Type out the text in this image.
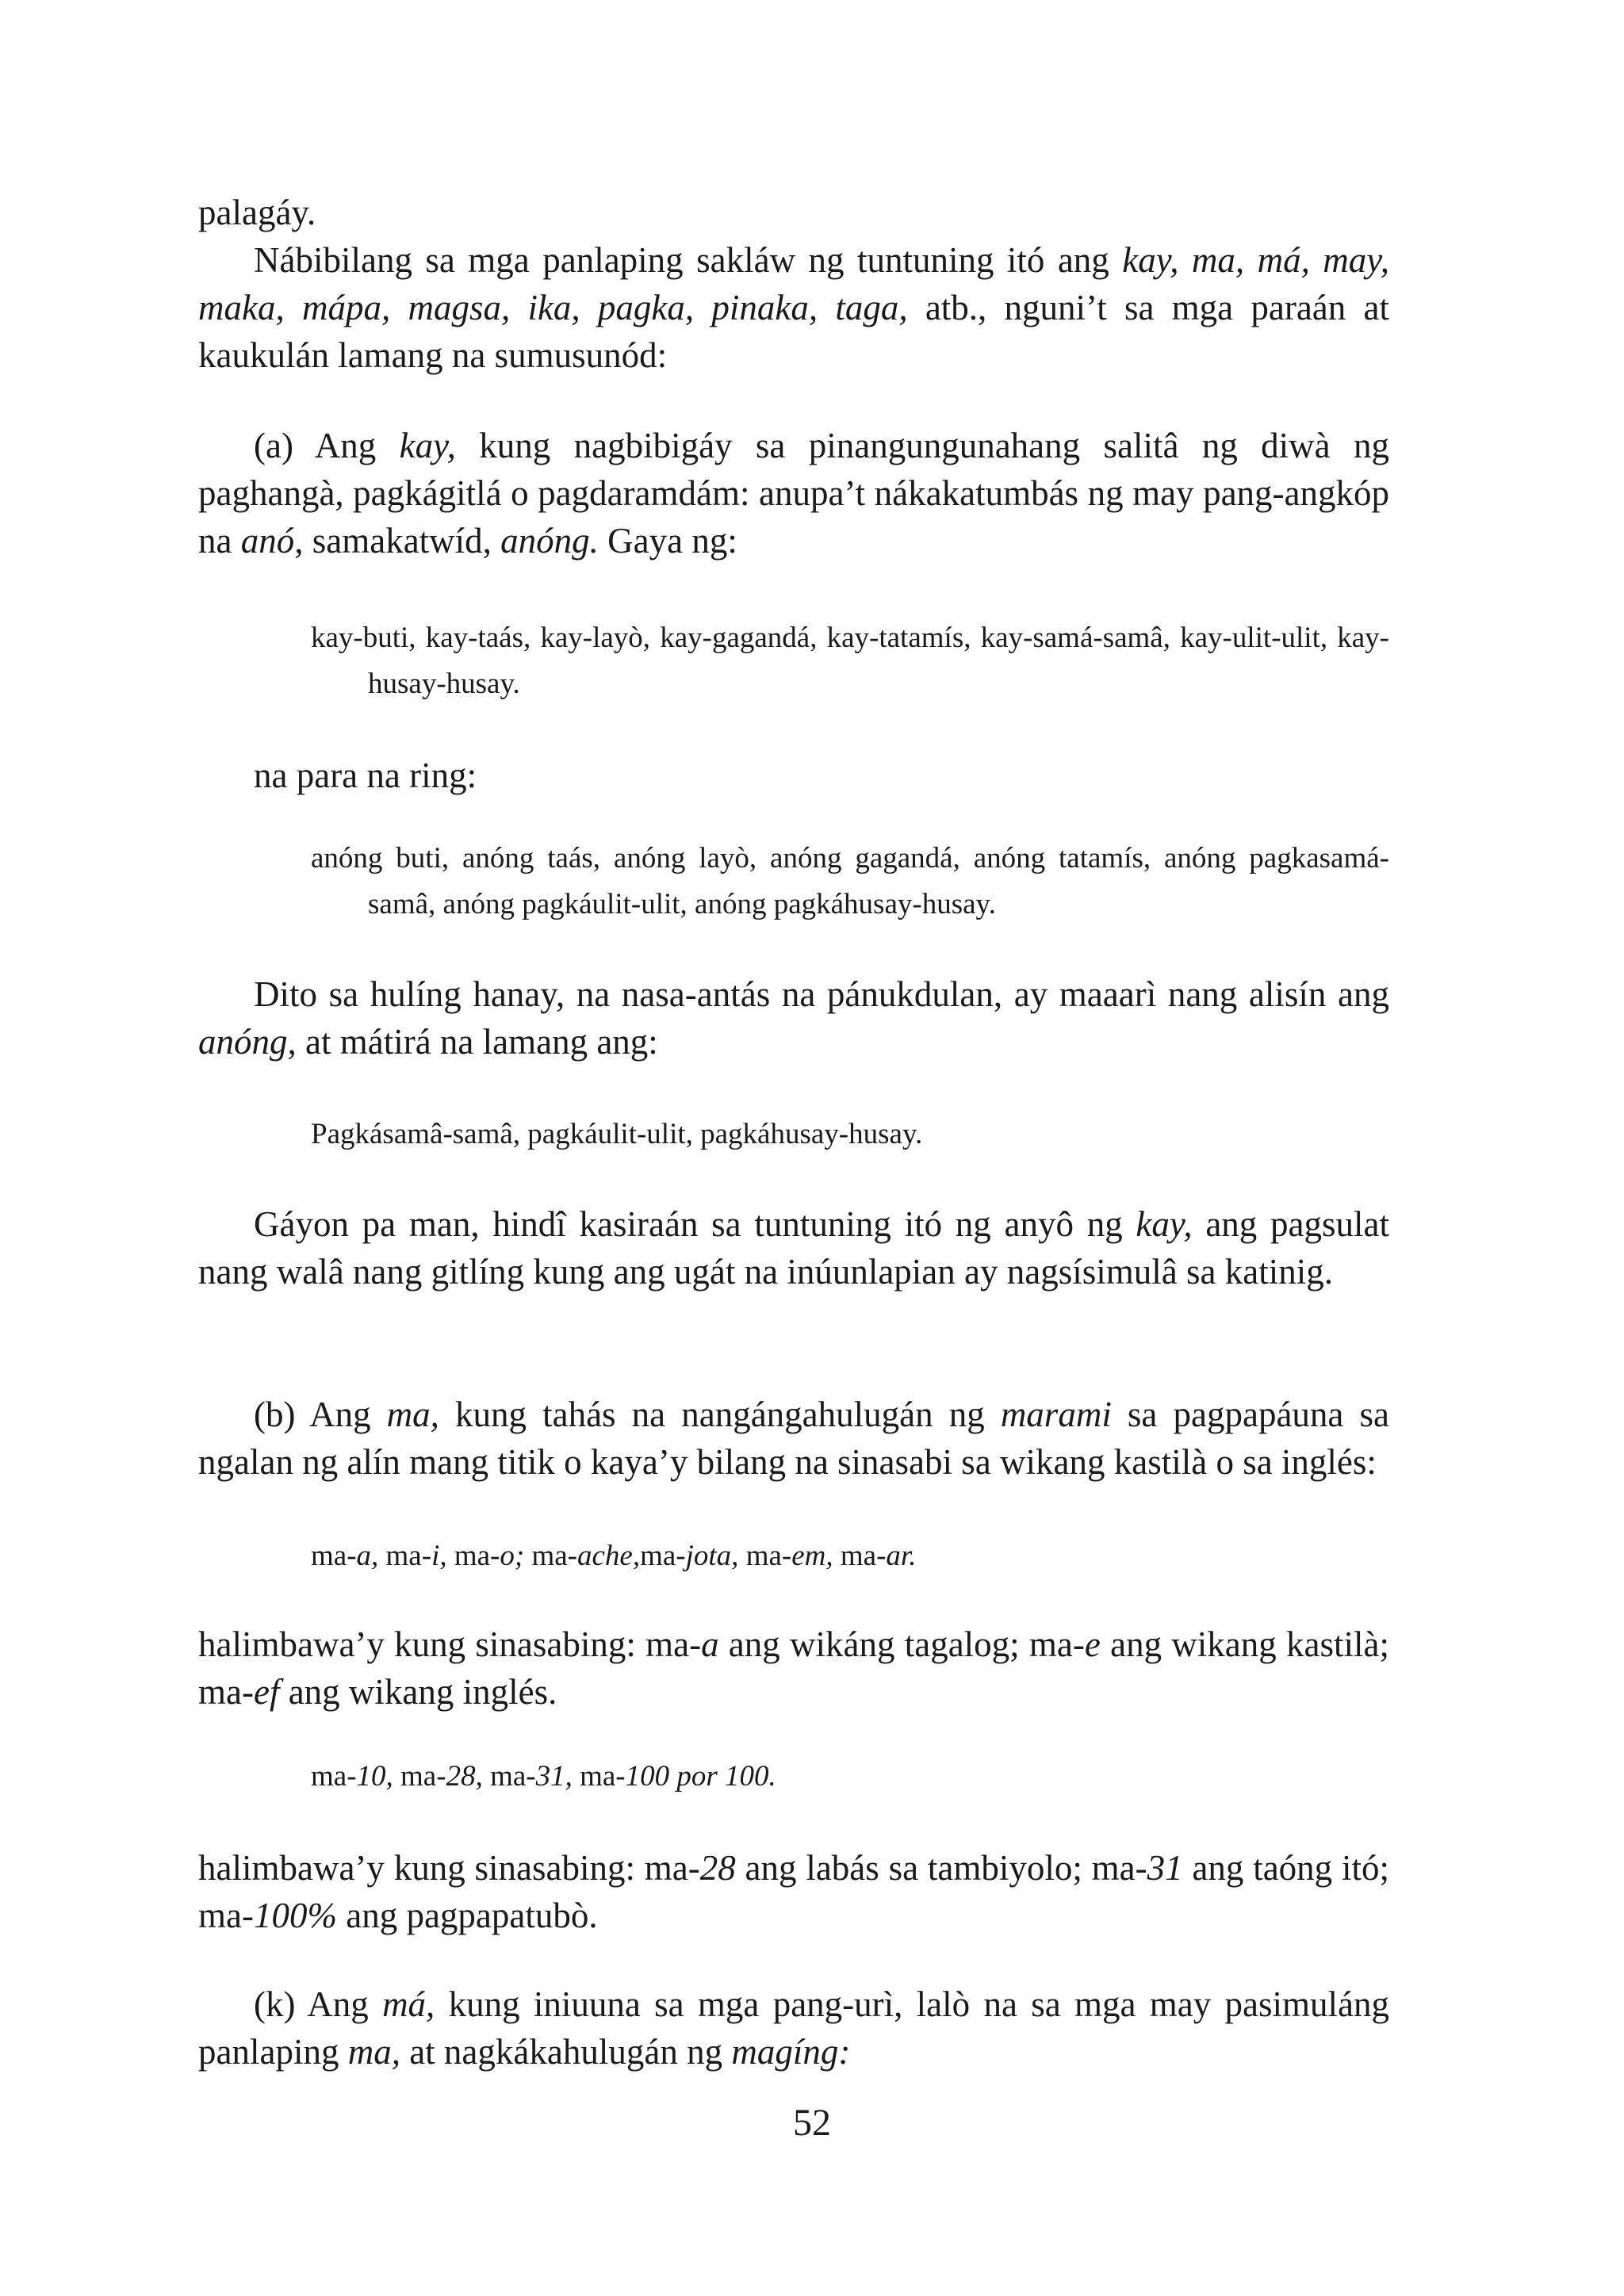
palagáy.

Nábibilang sa mga panlaping sakláw ng tuntuning itó ang kay, ma, má, may, maka, mápa, magsa, ika, pagka, pinaka, taga, atb., nguni’t sa mga paraán at kaukulán lamang na sumusunód:

(a) Ang kay, kung nagbibigáy sa pinangungunahang salitâ ng diwà ng paghangà, pagkágitlá o pagdaramdám: anupa’t nákakatumbás ng may pang-angkóp na anó, samakatwíd, anóng. Gaya ng:

kay-buti, kay-taás, kay-layò, kay-gagandá, kay-tatamís, kay-samá-samâ, kay-ulit-ulit, kay-husay-husay.

na para na ring:

anóng buti, anóng taás, anóng layò, anóng gagandá, anóng tatamís, anóng pagkasamá-samâ, anóng pagkáulit-ulit, anóng pagkáhusay-husay.

Dito sa hulíng hanay, na nasa-antás na pánukdulan, ay maaarì nang alisín ang anóng, at mátirá na lamang ang:

Pagkásamâ-samâ, pagkáulit-ulit, pagkáhusay-husay.

Gáyon pa man, hindî kasiraán sa tuntuning itó ng anyô ng kay, ang pagsulat nang walâ nang gitlíng kung ang ugát na inúunlapian ay nagsísimulâ sa katinig.

(b) Ang ma, kung tahás na nangángahulugán ng marami sa pagpapáuna sa ngalan ng alín mang titik o kaya’y bilang na sinasabi sa wikang kastilà o sa inglés:

ma-a, ma-i, ma-o; ma-ache,ma-jota, ma-em, ma-ar.

halimbawa’y kung sinasabing: ma-a ang wikáng tagalog; ma-e ang wikang kastilà; ma-ef ang wikang inglés.

ma-10, ma-28, ma-31, ma-100 por 100.

halimbawa’y kung sinasabing: ma-28 ang labás sa tambiyolo; ma-31 ang taóng itó; ma-100% ang pagpapatubò.

(k) Ang má, kung iniuuna sa mga pang-urì, lalò na sa mga may pasimuláng panlaping ma, at nagkákahulugán ng magíng:

52
